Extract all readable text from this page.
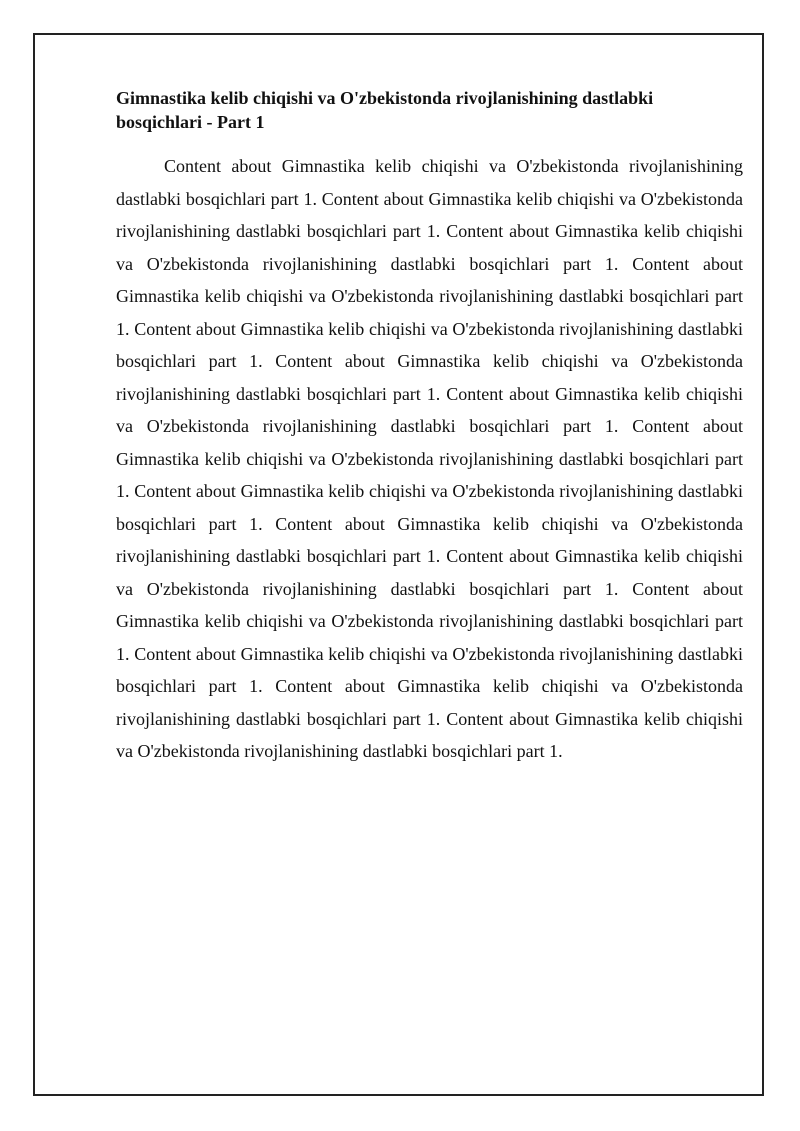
Gimnastika kelib chiqishi va O'zbekistonda rivojlanishining dastlabki bosqichlari - Part 1

Content about Gimnastika kelib chiqishi va O'zbekistonda rivojlanishining dastlabki bosqichlari part 1. Content about Gimnastika kelib chiqishi va O'zbekistonda rivojlanishining dastlabki bosqichlari part 1. Content about Gimnastika kelib chiqishi va O'zbekistonda rivojlanishining dastlabki bosqichlari part 1. Content about Gimnastika kelib chiqishi va O'zbekistonda rivojlanishining dastlabki bosqichlari part 1. Content about Gimnastika kelib chiqishi va O'zbekistonda rivojlanishining dastlabki bosqichlari part 1. Content about Gimnastika kelib chiqishi va O'zbekistonda rivojlanishining dastlabki bosqichlari part 1. Content about Gimnastika kelib chiqishi va O'zbekistonda rivojlanishining dastlabki bosqichlari part 1. Content about Gimnastika kelib chiqishi va O'zbekistonda rivojlanishining dastlabki bosqichlari part 1. Content about Gimnastika kelib chiqishi va O'zbekistonda rivojlanishining dastlabki bosqichlari part 1. Content about Gimnastika kelib chiqishi va O'zbekistonda rivojlanishining dastlabki bosqichlari part 1. Content about Gimnastika kelib chiqishi va O'zbekistonda rivojlanishining dastlabki bosqichlari part 1. Content about Gimnastika kelib chiqishi va O'zbekistonda rivojlanishining dastlabki bosqichlari part 1. Content about Gimnastika kelib chiqishi va O'zbekistonda rivojlanishining dastlabki bosqichlari part 1. Content about Gimnastika kelib chiqishi va O'zbekistonda rivojlanishining dastlabki bosqichlari part 1. Content about Gimnastika kelib chiqishi va O'zbekistonda rivojlanishining dastlabki bosqichlari part 1.
